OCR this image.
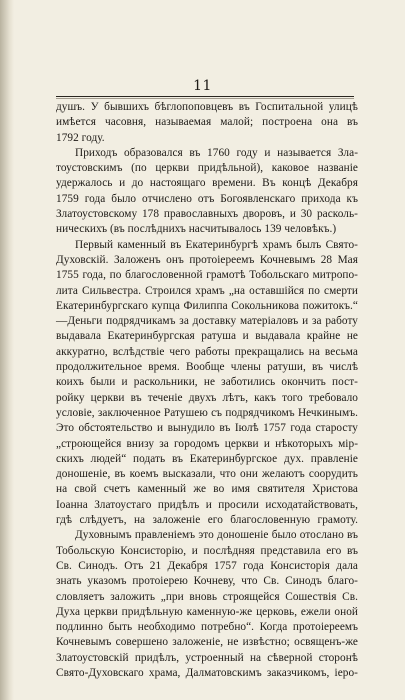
11
душъ. У бывшихъ бѣглопоповцевъ въ Госпитальной улицѣ
имѣется часовня, называемая малой; построена она въ
1792 году.
Приходъ образовался въ 1760 году и называется Зла-
тоустовскимъ (по церкви придѣльной), каковое названіе
удержалось и до настоящаго времени. Въ концѣ Декабря
1759 года было отчислено отъ Богоявленскаго прихода къ
Златоустовскому 178 православныхъ дворовъ, и 30 расколь-
ническихъ (въ послѣднихъ насчитывалось 139 человѣкъ.)
Первый каменный въ Екатеринбургѣ храмъ былъ Свято-
Духовскій. Заложенъ онъ протоіереемъ Кочневымъ 28 Мая
1755 года, по благословенной грамотѣ Тобольскаго митропо-
лита Сильвестра. Строился храмъ „на оставшійся по смерти
Екатеринбургскаго купца Филиппа Сокольникова пожитокъ.“
—Деньги подрядчикамъ за доставку матеріаловъ и за работу
выдавала Екатеринбургская ратуша и выдавала крайне не
аккуратно, вслѣдствіе чего работы прекращались на весьма
продолжительное время. Вообще члены ратуши, въ числѣ
коихъ были и раскольники, не заботились окончить пост-
ройку церкви въ теченіе двухъ лѣтъ, какъ того требовало
условіе, заключенное Ратушею съ подрядчикомъ Нечкинымъ.
Это обстоятельство и вынудило въ Іюлѣ 1757 года старосту
„строющейся внизу за городомъ церкви и нѣкоторыхъ мір-
скихъ людей“ подать въ Екатеринбургское дух. правленіе
доношеніе, въ коемъ высказали, что они желаютъ соорудить
на свой счетъ каменный же во имя святителя Христова
Іоанна Златоустаго придѣлъ и просили исходатайствовать,
гдѣ слѣдуетъ, на заложеніе его благословенную грамоту.
Духовнымъ правленіемъ это доношеніе было отослано въ
Тобольскую Консисторію, и послѣдняя представила его въ
Св. Синодъ. Отъ 21 Декабря 1757 года Консисторія дала
знать указомъ протоіерею Кочневу, что Св. Синодъ благо-
словляетъ заложить „при вновь строящейся Сошествія Св.
Духа церкви придѣльную каменную-же церковь, ежели оной
подлинно быть необходимо потребно“. Когда протоіереемъ
Кочневымъ совершено заложеніе, не извѣстно; освященъ-же
Златоустовскій придѣлъ, устроенный на сѣверной сторонѣ
Свято-Духовскаго храма, Далматовскимъ заказчикомъ, іеро-
